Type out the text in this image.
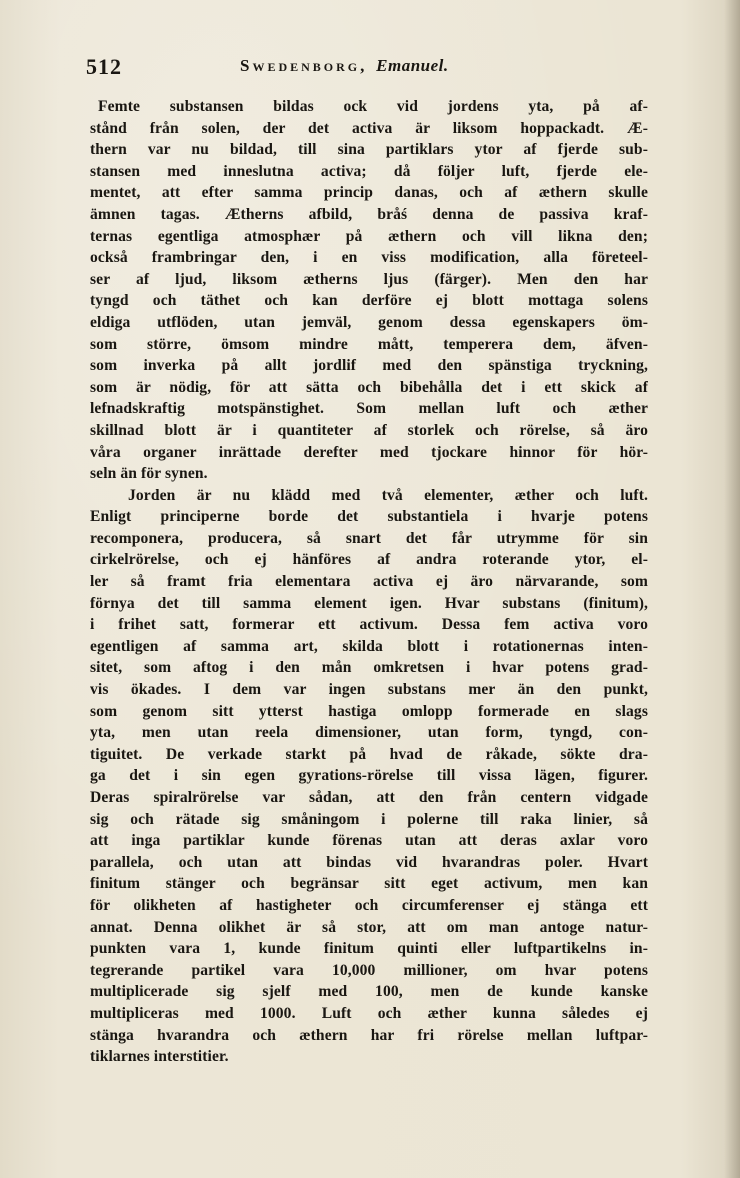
512	Swedenborg, Emanuel.
Femte substansen bildas ock vid jordens yta, på af-
stånd från solen, der det activa är liksom hoppackadt. Æ-
thern var nu bildad, till sina partiklars ytor af fjerde sub-
stansen med inneslutna activa; då följer luft, fjerde ele-
mentet, att efter samma princip danas, och af æthern skulle
ämnen tagas. Ætherns afbild, bråś denna de passiva kraf-
ternas egentliga atmosphær på æthern och vill likna den;
också frambringar den, i en viss modification, alla företeel-
ser af ljud, liksom ætherns ljus (färger). Men den har
tyngd och täthet och kan derföre ej blott mottaga solens
eldiga utflöden, utan jemväl, genom dessa egenskapers öm-
som större, ömsom mindre mått, temperera dem, äfven-
som inverka på allt jordlif med den spänstiga tryckning,
som är nödig, för att sätta och bibehålla det i ett skick af
lefnadskraftig motspänstighet. Som mellan luft och æther
skillnad blott är i quantiteter af storlek och rörelse, så äro
våra organer inrättade derefter med tjockare hinnor för hör-
seln än för synen.
Jorden är nu klädd med två elementer, æther och luft.
Enligt principerne borde det substantiela i hvarje potens
recomponera, producera, så snart det får utrymme för sin
cirkelrörelse, och ej hänföres af andra roterande ytor, el-
ler så framt fria elementara activa ej äro närvarande, som
förnya det till samma element igen. Hvar substans (finitum),
i frihet satt, formerar ett activum. Dessa fem activa voro
egentligen af samma art, skilda blott i rotationernas inten-
sitet, som aftog i den mån omkretsen i hvar potens grad-
vis ökades. I dem var ingen substans mer än den punkt,
som genom sitt ytterst hastiga omlopp formerade en slags
yta, men utan reela dimensioner, utan form, tyngd, con-
tiguitet. De verkade starkt på hvad de råkade, sökte dra-
ga det i sin egen gyrations-rörelse till vissa lägen, figurer.
Deras spiralrörelse var sådan, att den från centern vidgade
sig och rätade sig småningom i polerne till raka linier, så
att inga partiklar kunde förenas utan att deras axlar voro
parallela, och utan att bindas vid hvarandras poler. Hvart
finitum stänger och begränsar sitt eget activum, men kan
för olikheten af hastigheter och circumferenser ej stänga ett
annat. Denna olikhet är så stor, att om man antoge natur-
punkten vara 1, kunde finitum quinti eller luftpartikelns in-
tegrerande partikel vara 10,000 millioner, om hvar potens
multiplicerade sig sjelf med 100, men de kunde kanske
multipliceras med 1000. Luft och æther kunna således ej
stänga hvarandra och æthern har fri rörelse mellan luftpar-
tiklarnes interstitier.
